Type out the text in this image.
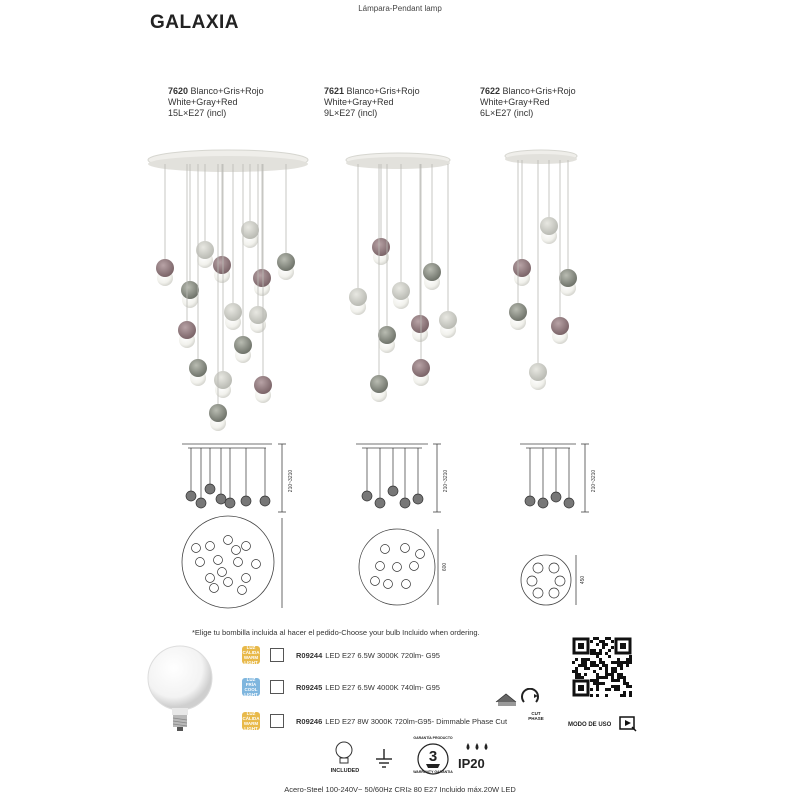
Lámpara-Pendant lamp
GALAXIA
7620 Blanco+Gris+Rojo
White+Gray+Red
15L×E27 (incl)
7621 Blanco+Gris+Rojo
White+Gray+Red
9L×E27 (incl)
7622 Blanco+Gris+Rojo
White+Gray+Red
6L×E27 (incl)
210~3210	210~3210	210~3210
600
450
*Elige tu bombilla incluida al hacer el pedido-Choose your bulb Incluido when ordering.
LUZ
CÁLIDA
WARM
LIGHT
R09244 LED E27 6.5W 3000K 720lm- G95
LUZ
FRÍA
COOL
LIGHT
R09245 LED E27 6.5W 4000K 740lm- G95
LUZ
CÁLIDA
WARM
LIGHT
R09246 LED E27 8W 3000K 720lm-G95- Dimmable Phase Cut
CUT PHASE
MODO DE USO
INCLUDED
3
GARANTÍA PRODUCTO
WARRANTY GARANTIA
IP20
Acero-Steel 100-240V~ 50/60Hz CRI≥ 80 E27 Incluido máx.20W LED
